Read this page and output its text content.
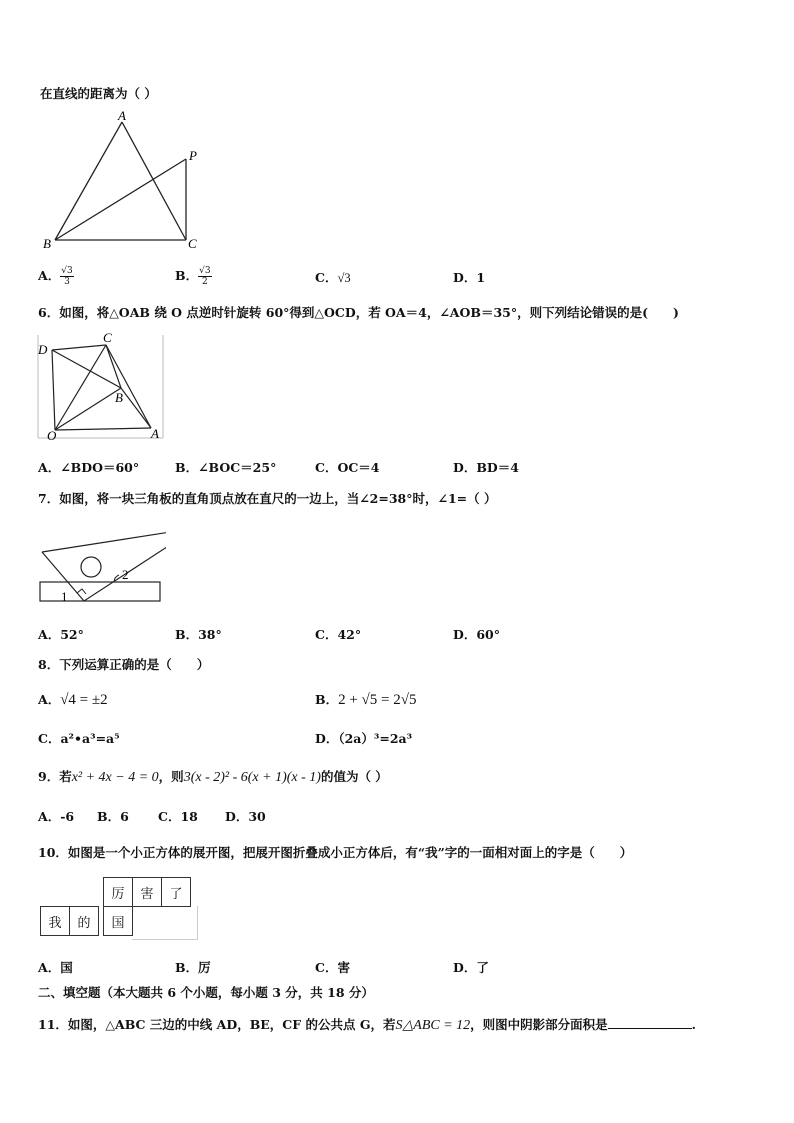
在直线的距离为（ ）
A
P
B	C
A． $\frac{√3}{3}$	B． $\frac{√3}{2}$	C．√3	D．1
6．如图，将△OAB 绕 O 点逆时针旋转 60°得到△OCD，若 OA＝4，∠AOB＝35°，则下列结论错误的是(　　)
D
C
B
O	A
A．∠BDO＝60°	B．∠BOC＝25°	C．OC＝4	D．BD＝4
7．如图，将一块三角板的直角顶点放在直尺的一边上，当∠2=38°时，∠1=（ ）
2
1
A．52°	B．38°	C．42°	D．60°
8．下列运算正确的是（　　）
A．√4 = ±2	B．2 + √5 = 2√5
C．a²•a³=a⁵	D．（2a）³=2a³
9．若x² + 4x − 4 = 0，则3(x - 2)² - 6(x + 1)(x - 1)的值为（ ）
A．-6 B．6 C．18 D．30
10．如图是一个小正方体的展开图，把展开图折叠成小正方体后，有“我”字的一面相对面上的字是（　　）
厉	害	了
我	的	国
A．国	B．厉	C．害	D．了
二、填空题（本大题共 6 个小题，每小题 3 分，共 18 分）
11．如图，△ABC 三边的中线 AD，BE，CF 的公共点 G，若S△ABC = 12，则图中阴影部分面积是	.
